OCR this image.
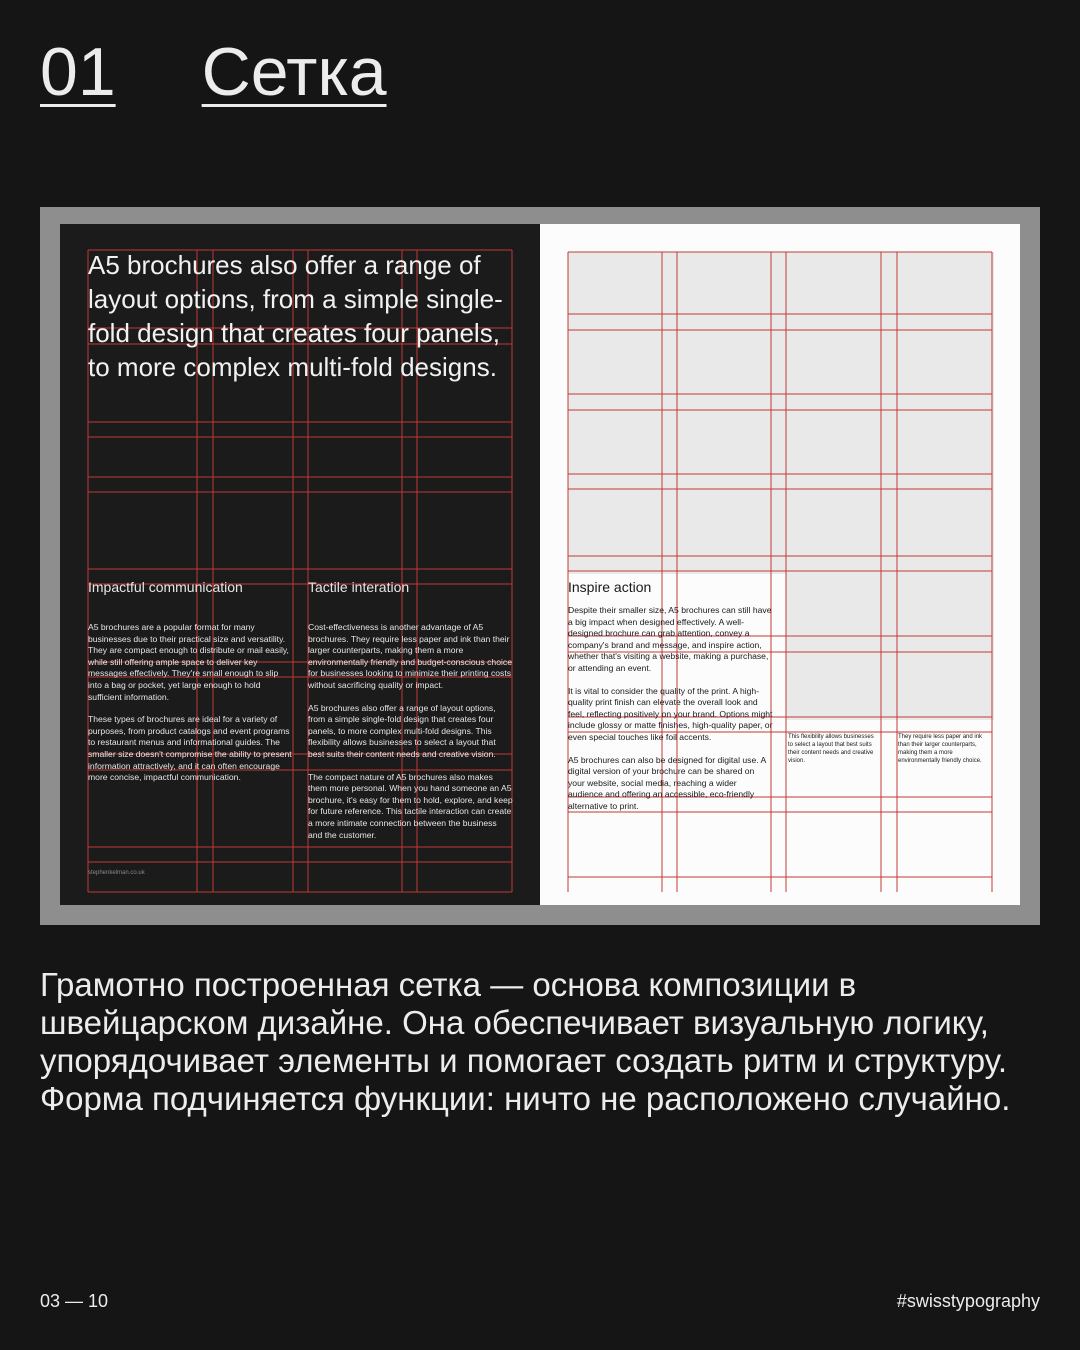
01 Сетка
A5 brochures also offer a range of layout options, from a simple single-fold design that creates four panels, to more complex multi-fold designs.
Impactful communication

A5 brochures are a popular format for many businesses due to their practical size and versatility. They are compact enough to distribute or mail easily, while still offering ample space to deliver key messages effectively. They're small enough to slip into a bag or pocket, yet large enough to hold sufficient information.

These types of brochures are ideal for a variety of purposes, from product catalogs and event programs to restaurant menus and informational guides. The smaller size doesn't compromise the ability to present information attractively, and it can often encourage more concise, impactful communication.

Tactile interation

Cost-effectiveness is another advantage of A5 brochures. They require less paper and ink than their larger counterparts, making them a more environmentally friendly and budget-conscious choice for businesses looking to minimize their printing costs without sacrificing quality or impact.

A5 brochures also offer a range of layout options, from a simple single-fold design that creates four panels, to more complex multi-fold designs. This flexibility allows businesses to select a layout that best suits their content needs and creative vision.

The compact nature of A5 brochures also makes them more personal. When you hand someone an A5 brochure, it's easy for them to hold, explore, and keep for future reference. This tactile interaction can create a more intimate connection between the business and the customer.

stephenkelman.co.uk
Inspire action

Despite their smaller size, A5 brochures can still have a big impact when designed effectively. A well-designed brochure can grab attention, convey a company's brand and message, and inspire action, whether that's visiting a website, making a purchase, or attending an event.

It is vital to consider the quality of the print. A high-quality print finish can elevate the overall look and feel, reflecting positively on your brand. Options might include glossy or matte finishes, high-quality paper, or even special touches like foil accents.

A5 brochures can also be designed for digital use. A digital version of your brochure can be shared on your website, social media, reaching a wider audience and offering an accessible, eco-friendly alternative to print.

This flexibility allows businesses to select a layout that best suits their content needs and creative vision.
They require less paper and ink than their larger counterparts, making them a more environmentally friendly choice.
Грамотно построенная сетка — основа композиции в швейцарском дизайне. Она обеспечивает визуальную логику, упорядочивает элементы и помогает создать ритм и структуру. Форма подчиняется функции: ничто не расположено случайно.
03 — 10	#swisstypography
